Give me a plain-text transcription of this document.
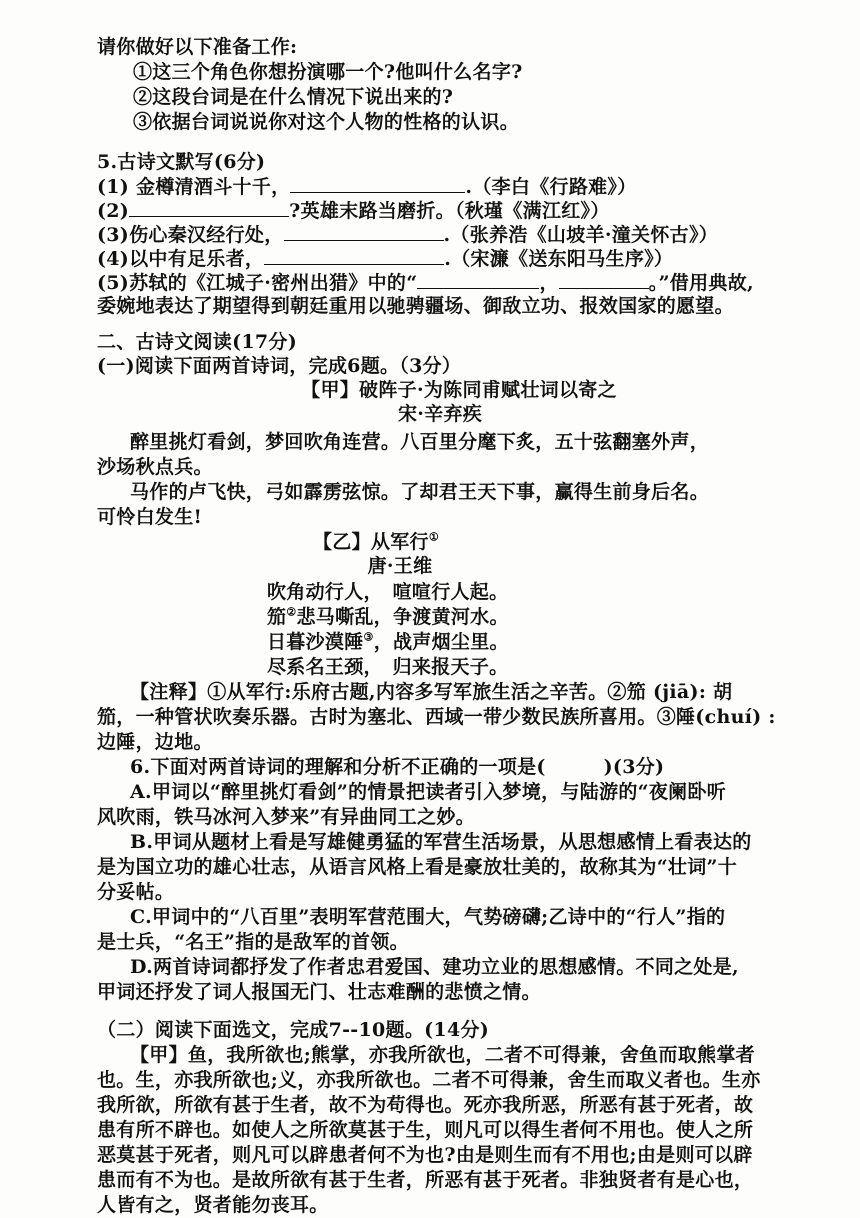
请你做好以下准备工作:
①这三个角色你想扮演哪一个?他叫什么名字?
②这段台词是在什么情况下说出来的?
③依据台词说说你对这个人物的性格的认识。
5.古诗文默写(6分)
(1) 金樽清酒斗十千，	.（李白《行路难》）
(2)	?英雄末路当磨折。（秋瑾《满江红》）
(3)伤心秦汉经行处，	.（张养浩《山坡羊·潼关怀古》）
(4)以中有足乐者，	.（宋濂《送东阳马生序》）
(5)苏轼的《江城子·密州出猎》中的“	，	。”借用典故,
委婉地表达了期望得到朝廷重用以驰骋疆场、御敌立功、报效国家的愿望。
二、古诗文阅读(17分)
(一)阅读下面两首诗词，完成6题。（3分）
【甲】破阵子·为陈同甫赋壮词以寄之
宋·辛弃疾
醉里挑灯看剑，梦回吹角连营。八百里分麾下炙，五十弦翻塞外声，
沙场秋点兵。
马作的卢飞快，弓如霹雳弦惊。了却君王天下事，赢得生前身后名。
可怜白发生!
【乙】从军行①
唐·王维
吹角动行人，　喧喧行人起。
笳②悲马嘶乱，争渡黄河水。
日暮沙漠陲③，战声烟尘里。
尽系名王颈，　归来报天子。
【注释】①从军行:乐府古题,内容多写军旅生活之辛苦。②笳 (jiā): 胡
笳，一种管状吹奏乐器。古时为塞北、西域一带少数民族所喜用。③陲(chuí) :
边陲，边地。
6.下面对两首诗词的理解和分析不正确的一项是(　　　)(3分)
A.甲词以“醉里挑灯看剑”的情景把读者引入梦境，与陆游的“夜阑卧听
风吹雨，铁马冰河入梦来”有异曲同工之妙。
B.甲词从题材上看是写雄健勇猛的军营生活场景，从思想感情上看表达的
是为国立功的雄心壮志，从语言风格上看是豪放壮美的，故称其为“壮词”十
分妥帖。
C.甲词中的“八百里”表明军营范围大，气势磅礴;乙诗中的“行人”指的
是士兵，“名王”指的是敌军的首领。
D.两首诗词都抒发了作者忠君爱国、建功立业的思想感情。不同之处是,
甲词还抒发了词人报国无门、壮志难酬的悲愤之情。
（二）阅读下面选文，完成7--10题。(14分)
【甲】鱼，我所欲也;熊掌，亦我所欲也，二者不可得兼，舍鱼而取熊掌者
也。生，亦我所欲也;义，亦我所欲也。二者不可得兼，舍生而取义者也。生亦
我所欲，所欲有甚于生者，故不为苟得也。死亦我所恶，所恶有甚于死者，故
患有所不辟也。如使人之所欲莫甚于生，则凡可以得生者何不用也。使人之所
恶莫甚于死者，则凡可以辟患者何不为也?由是则生而有不用也;由是则可以辟
患而有不为也。是故所欲有甚于生者，所恶有甚于死者。非独贤者有是心也，
人皆有之，贤者能勿丧耳。
